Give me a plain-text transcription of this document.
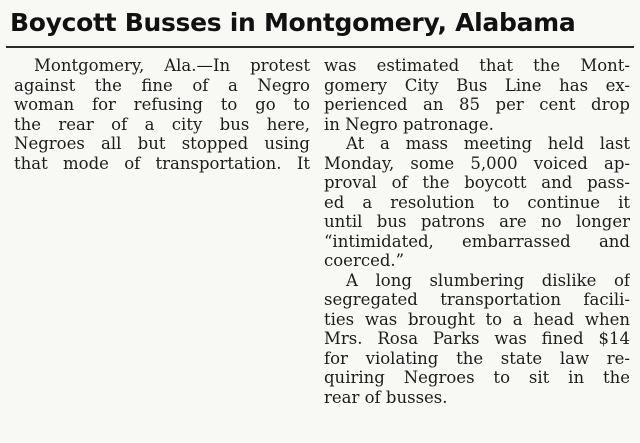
Boycott Busses in Montgomery, Alabama
Montgomery, Ala.—In protest
against the fine of a Negro
woman for refusing to go to
the rear of a city bus here,
Negroes all but stopped using
that mode of transportation. It
was estimated that the Mont-
gomery City Bus Line has ex-
perienced an 85 per cent drop
in Negro patronage.
At a mass meeting held last
Monday, some 5,000 voiced ap-
proval of the boycott and pass-
ed a resolution to continue it
until bus patrons are no longer
“intimidated, embarrassed and
coerced.”
A long slumbering dislike of
segregated transportation facili-
ties was brought to a head when
Mrs. Rosa Parks was fined $14
for violating the state law re-
quiring Negroes to sit in the
rear of busses.
